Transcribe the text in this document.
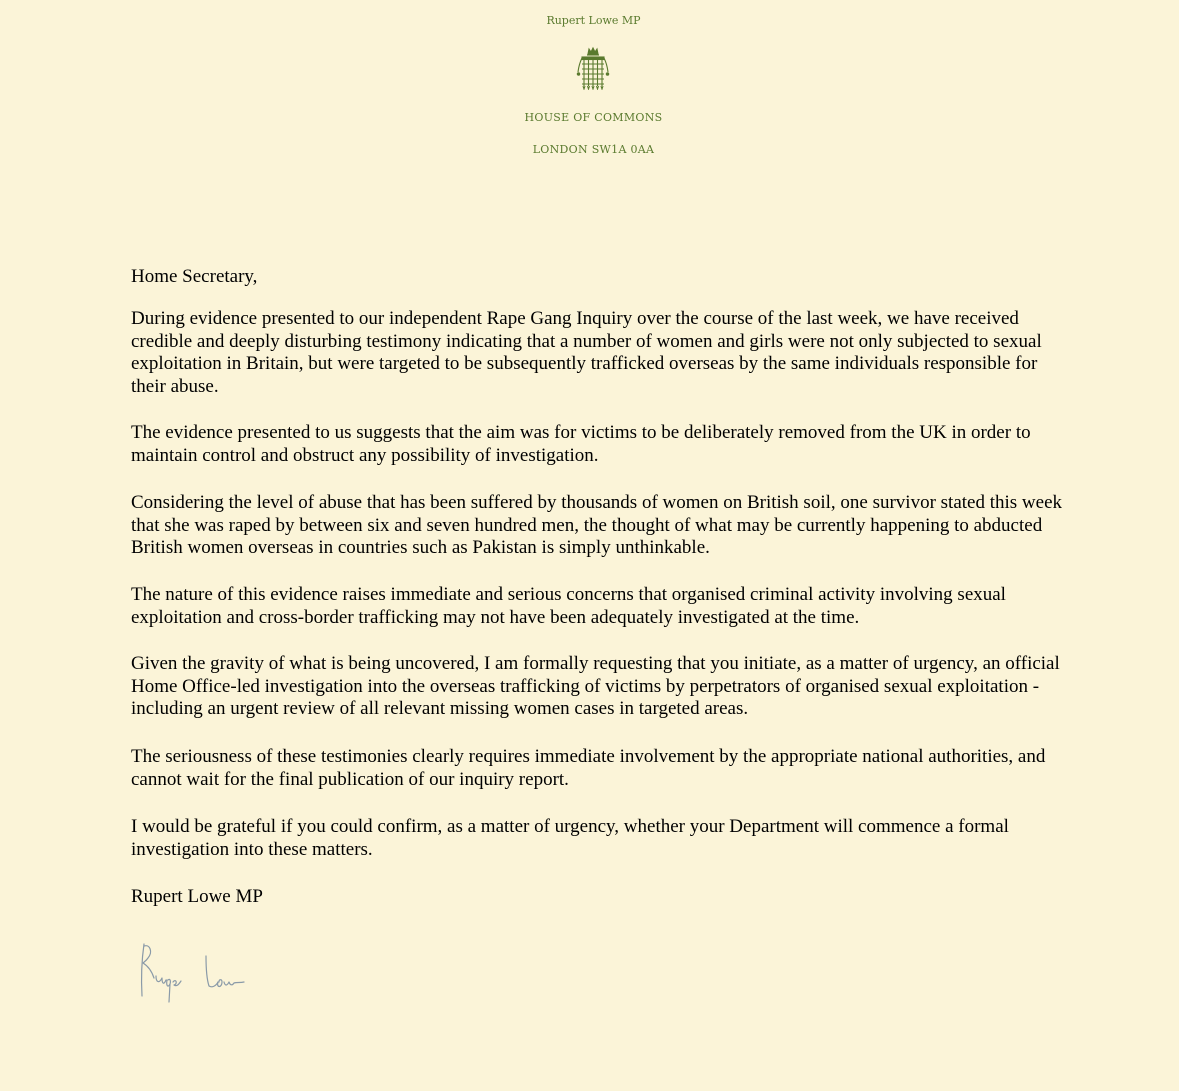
Rupert Lowe MP
HOUSE OF COMMONS
LONDON SW1A 0AA
Home Secretary,
During evidence presented to our independent Rape Gang Inquiry over the course of the last week, we have received credible and deeply disturbing testimony indicating that a number of women and girls were not only subjected to sexual exploitation in Britain, but were targeted to be subsequently trafficked overseas by the same individuals responsible for their abuse.
The evidence presented to us suggests that the aim was for victims to be deliberately removed from the UK in order to maintain control and obstruct any possibility of investigation.
Considering the level of abuse that has been suffered by thousands of women on British soil, one survivor stated this week that she was raped by between six and seven hundred men, the thought of what may be currently happening to abducted British women overseas in countries such as Pakistan is simply unthinkable.
The nature of this evidence raises immediate and serious concerns that organised criminal activity involving sexual exploitation and cross-border trafficking may not have been adequately investigated at the time.
Given the gravity of what is being uncovered, I am formally requesting that you initiate, as a matter of urgency, an official Home Office-led investigation into the overseas trafficking of victims by perpetrators of organised sexual exploitation - including an urgent review of all relevant missing women cases in targeted areas.
The seriousness of these testimonies clearly requires immediate involvement by the appropriate national authorities, and cannot wait for the final publication of our inquiry report.
I would be grateful if you could confirm, as a matter of urgency, whether your Department will commence a formal investigation into these matters.
Rupert Lowe MP
